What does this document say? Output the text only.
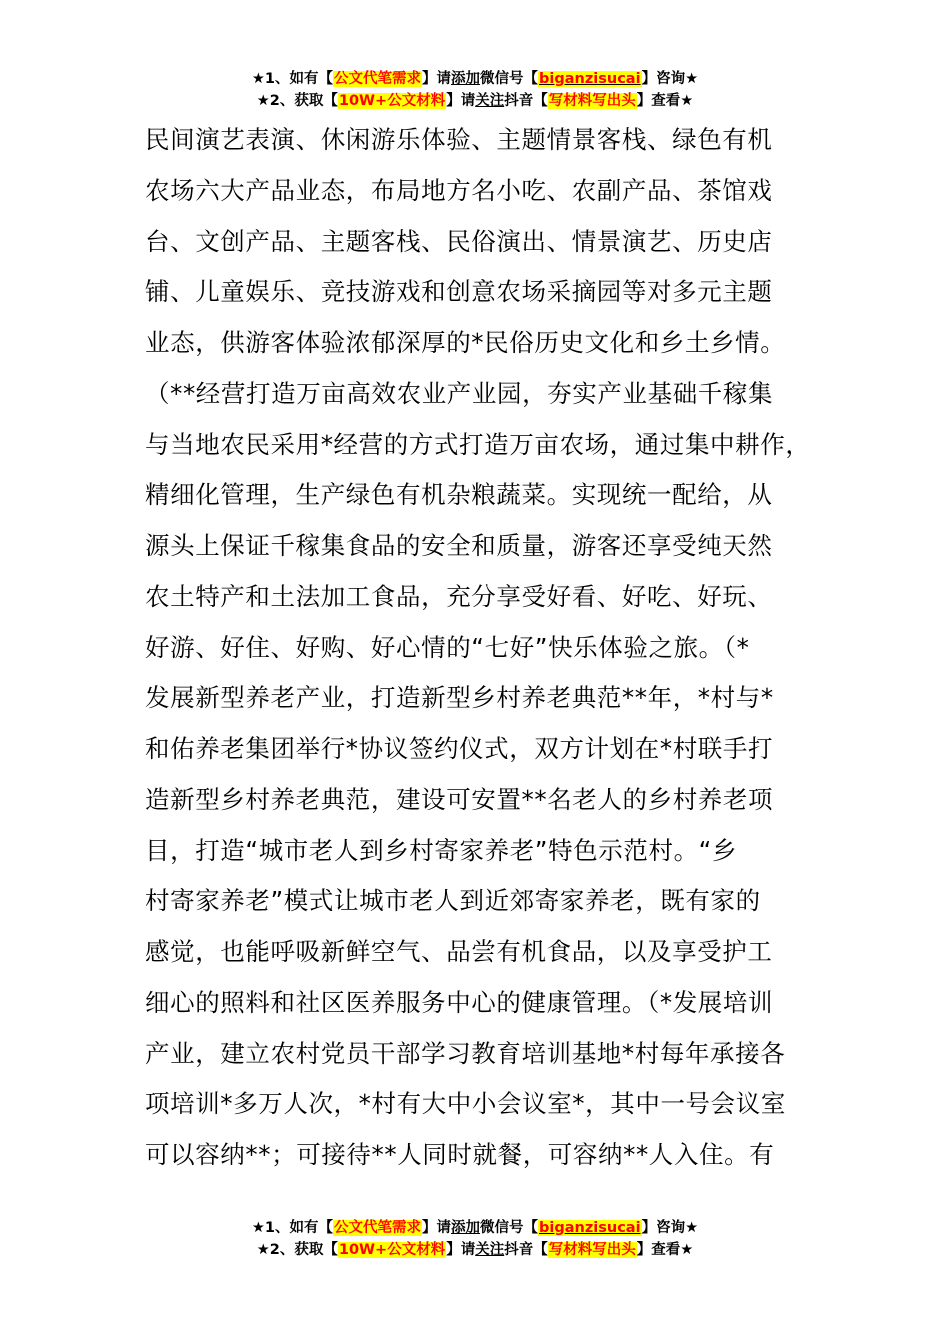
★1、如有【公文代笔需求】请添加微信号【biganzisucai】咨询★
★2、获取【10W+公文材料】请关注抖音【写材料写出头】查看★
民间演艺表演、休闲游乐体验、主题情景客栈、绿色有机
农场六大产品业态，布局地方名小吃、农副产品、茶馆戏
台、文创产品、主题客栈、民俗演出、情景演艺、历史店
铺、儿童娱乐、竞技游戏和创意农场采摘园等对多元主题
业态，供游客体验浓郁深厚的*民俗历史文化和乡土乡情。
（**经营打造万亩高效农业产业园，夯实产业基础千稼集
与当地农民采用*经营的方式打造万亩农场，通过集中耕作，
精细化管理，生产绿色有机杂粮蔬菜。实现统一配给，从
源头上保证千稼集食品的安全和质量，游客还享受纯天然
农土特产和土法加工食品，充分享受好看、好吃、好玩、
好游、好住、好购、好心情的“七好”快乐体验之旅。（*
发展新型养老产业，打造新型乡村养老典范**年，*村与*
和佑养老集团举行*协议签约仪式，双方计划在*村联手打
造新型乡村养老典范，建设可安置**名老人的乡村养老项
目，打造“城市老人到乡村寄家养老”特色示范村。“乡
村寄家养老”模式让城市老人到近郊寄家养老，既有家的
感觉，也能呼吸新鲜空气、品尝有机食品，以及享受护工
细心的照料和社区医养服务中心的健康管理。（*发展培训
产业，建立农村党员干部学习教育培训基地*村每年承接各
项培训*多万人次，*村有大中小会议室*，其中一号会议室
可以容纳**；可接待**人同时就餐，可容纳**人入住。有
★1、如有【公文代笔需求】请添加微信号【biganzisucai】咨询★
★2、获取【10W+公文材料】请关注抖音【写材料写出头】查看★
